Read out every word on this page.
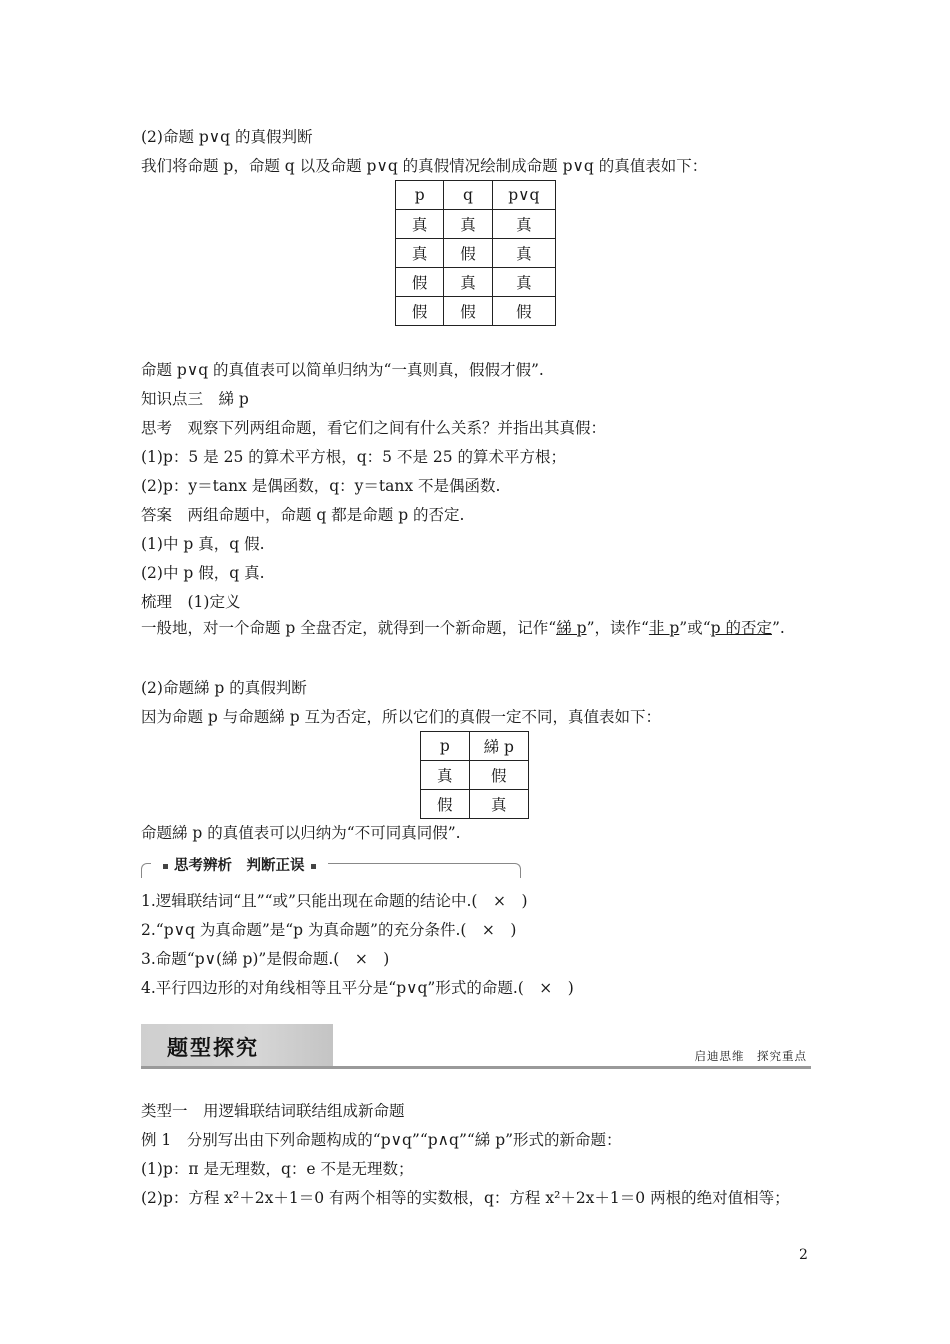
(2)命题 p∨q 的真假判断
我们将命题 p，命题 q 以及命题 p∨q 的真假情况绘制成命题 p∨q 的真值表如下：
p	q	p∨q
真	真	真
真	假	真
假	真	真
假	假	假
命题 p∨q 的真值表可以简单归纳为“一真则真，假假才假”.
知识点三　綈 p
思考　观察下列两组命题，看它们之间有什么关系？并指出其真假：
(1)p：5 是 25 的算术平方根，q：5 不是 25 的算术平方根；
(2)p：y＝tanx 是偶函数，q：y＝tanx 不是偶函数.
答案　两组命题中，命题 q 都是命题 p 的否定.
(1)中 p 真，q 假.
(2)中 p 假，q 真.
梳理　(1)定义
一般地，对一个命题 p 全盘否定，就得到一个新命题，记作“綈 p”，读作“非 p”或“p 的否定”.
(2)命题綈 p 的真假判断
因为命题 p 与命题綈 p 互为否定，所以它们的真假一定不同，真值表如下：
p	綈 p
真	假
假	真
命题綈 p 的真值表可以归纳为“不可同真同假”.
思考辨析　判断正误
1.逻辑联结词“且”“或”只能出现在命题的结论中.(　×　)
2.“p∨q 为真命题”是“p 为真命题”的充分条件.(　×　)
3.命题“p∨(綈 p)”是假命题.(　×　)
4.平行四边形的对角线相等且平分是“p∨q”形式的命题.(　×　)
题型探究	启迪思维　探究重点
类型一　用逻辑联结词联结组成新命题
例 1　分别写出由下列命题构成的“p∨q”“p∧q”“綈 p”形式的新命题：
(1)p：π 是无理数，q：e 不是无理数；
(2)p：方程 x²＋2x＋1＝0 有两个相等的实数根，q：方程 x²＋2x＋1＝0 两根的绝对值相等；
2
